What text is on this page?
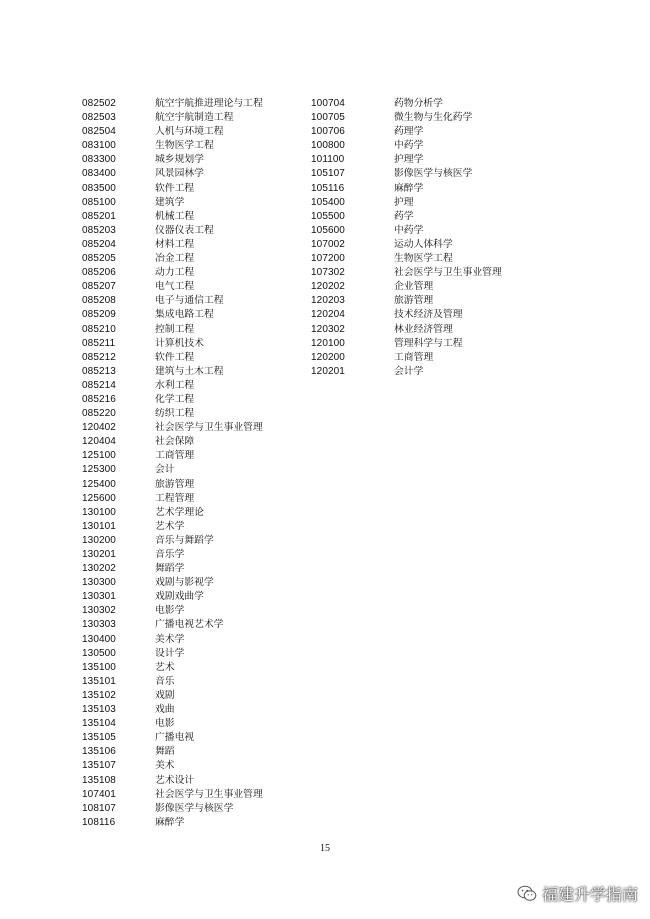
082502	航空宇航推进理论与工程
082503	航空宇航制造工程
082504	人机与环境工程
083100	生物医学工程
083300	城乡规划学
083400	风景园林学
083500	软件工程
085100	建筑学
085201	机械工程
085203	仪器仪表工程
085204	材料工程
085205	冶金工程
085206	动力工程
085207	电气工程
085208	电子与通信工程
085209	集成电路工程
085210	控制工程
085211	计算机技术
085212	软件工程
085213	建筑与土木工程
085214	水利工程
085216	化学工程
085220	纺织工程
120402	社会医学与卫生事业管理
120404	社会保障
125100	工商管理
125300	会计
125400	旅游管理
125600	工程管理
130100	艺术学理论
130101	艺术学
130200	音乐与舞蹈学
130201	音乐学
130202	舞蹈学
130300	戏剧与影视学
130301	戏剧戏曲学
130302	电影学
130303	广播电视艺术学
130400	美术学
130500	设计学
135100	艺术
135101	音乐
135102	戏剧
135103	戏曲
135104	电影
135105	广播电视
135106	舞蹈
135107	美术
135108	艺术设计
107401	社会医学与卫生事业管理
108107	影像医学与核医学
108116	麻醉学
100704	药物分析学
100705	微生物与生化药学
100706	药理学
100800	中药学
101100	护理学
105107	影像医学与核医学
105116	麻醉学
105400	护理
105500	药学
105600	中药学
107002	运动人体科学
107200	生物医学工程
107302	社会医学与卫生事业管理
120202	企业管理
120203	旅游管理
120204	技术经济及管理
120302	林业经济管理
120100	管理科学与工程
120200	工商管理
120201	会计学
15
福建升学指南
